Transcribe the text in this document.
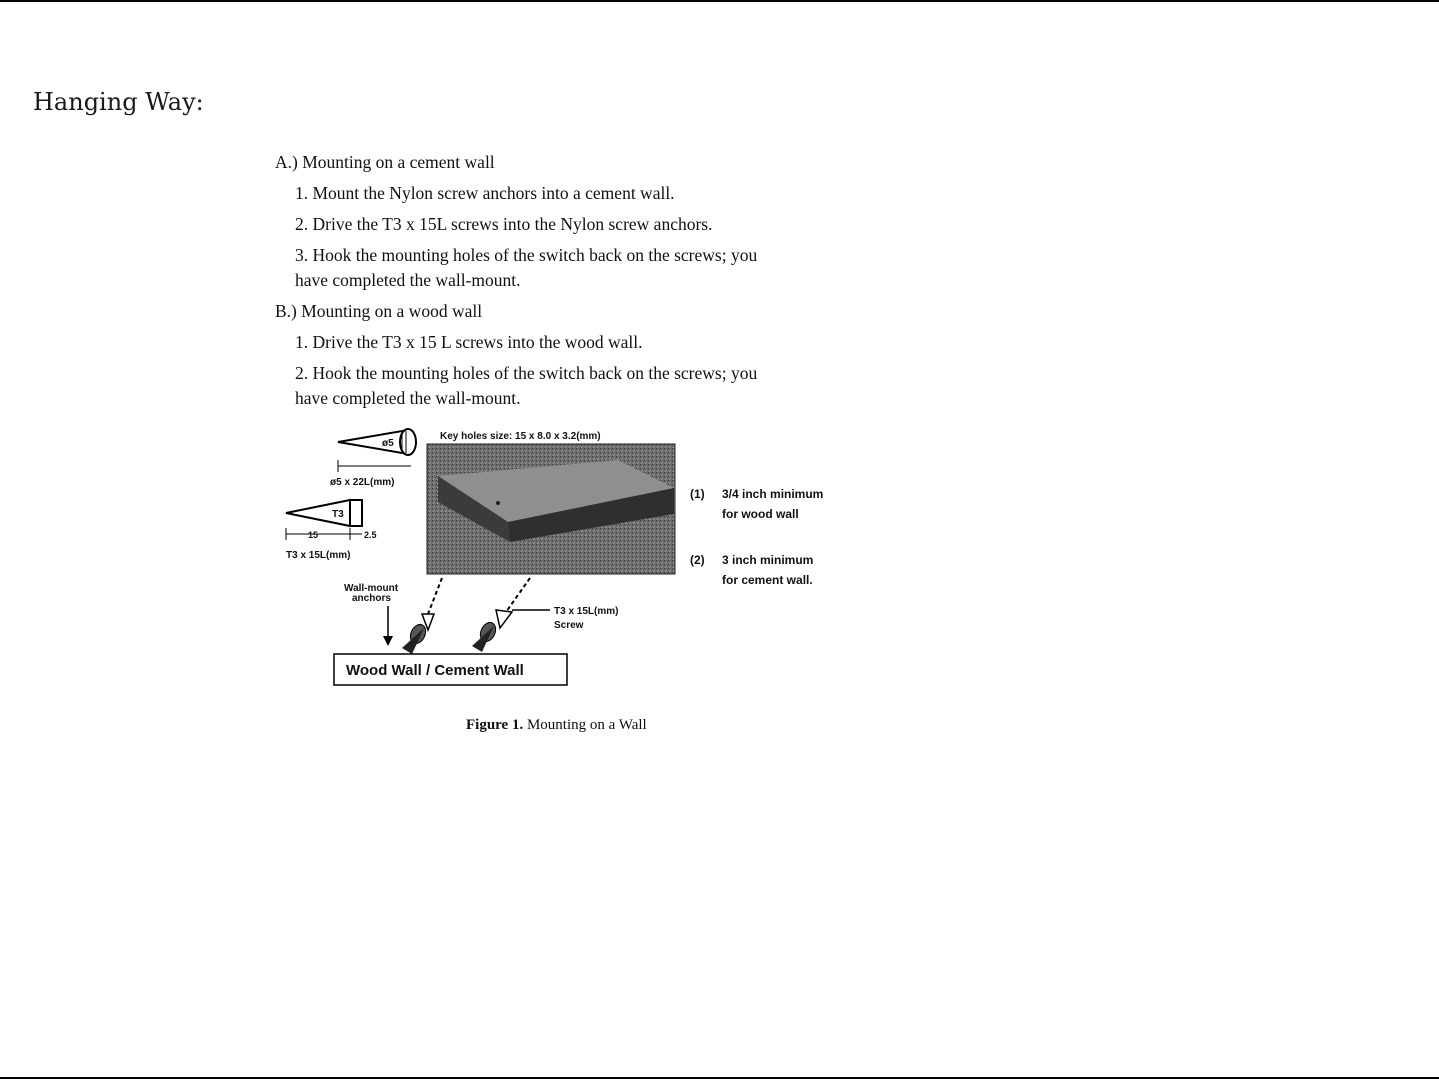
Hanging Way:
A.) Mounting on a cement wall
1. Mount the Nylon screw anchors into a cement wall.
2. Drive the T3 x 15L screws into the Nylon screw anchors.
3. Hook the mounting holes of the switch back on the screws; you
have completed the wall-mount.
B.) Mounting on a wood wall
1. Drive the T3 x 15 L screws into the wood wall.
2. Hook the mounting holes of the switch back on the screws; you
have completed the wall-mount.
ø5
ø5 x 22L(mm)
T3
15	2.5
T3 x 15L(mm)
Key holes size: 15 x 8.0 x 3.2(mm)
(1) 3/4 inch minimum
for wood wall
(2) 3 inch minimum
for cement wall.
Wall-mount
anchors
T3 x 15L(mm)
Screw
Wood Wall / Cement Wall
Figure 1. Mounting on a Wall
